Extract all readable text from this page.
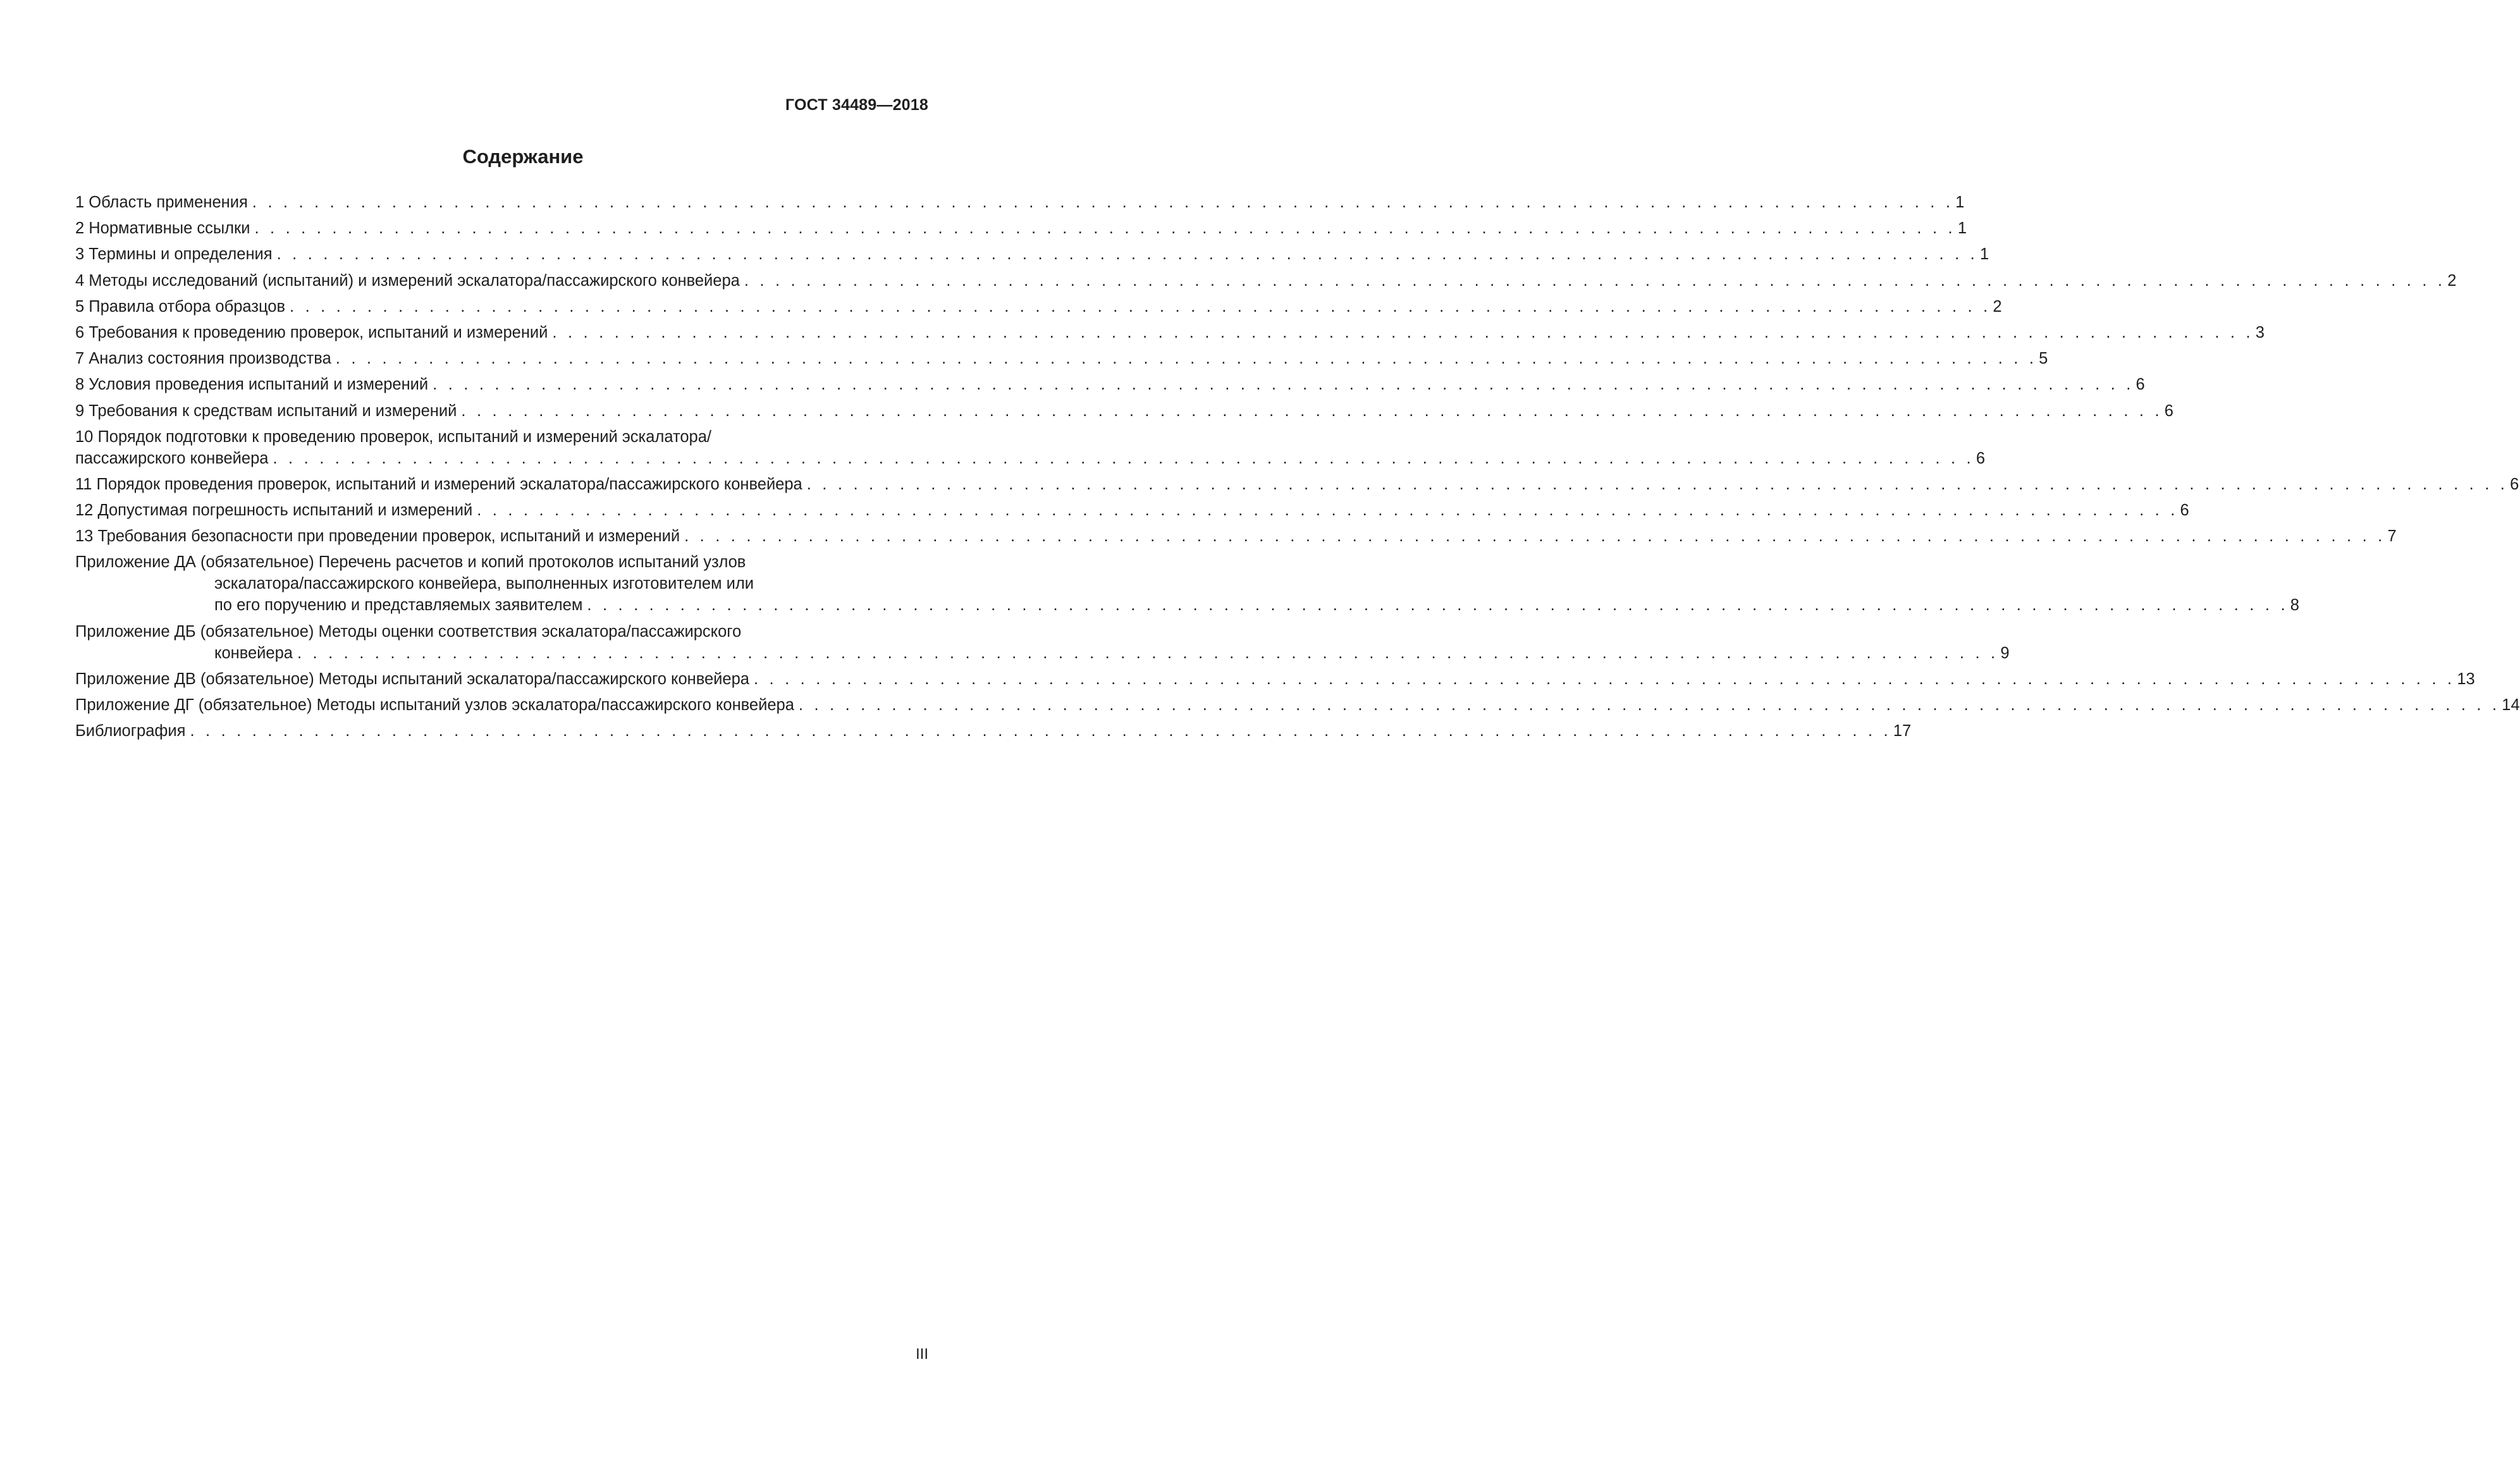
ГОСТ 34489—2018
Содержание
1 Область применения . . . . . . . . . . . . . . . . . . . . . . . . . . . . . . . . . . . . . . . . . . . . . . . . . . . . . . . . . . . . . . . . . . . . . . . . . . . . . . . . . . . . . . . . . . . . . . . . . . . . . . . . . . . . . . 1
2 Нормативные ссылки . . . . . . . . . . . . . . . . . . . . . . . . . . . . . . . . . . . . . . . . . . . . . . . . . . . . . . . . . . . . . . . . . . . . . . . . . . . . . . . . . . . . . . . . . . . . . . . . . . . . . . . . . . . . . . 1
3 Термины и определения . . . . . . . . . . . . . . . . . . . . . . . . . . . . . . . . . . . . . . . . . . . . . . . . . . . . . . . . . . . . . . . . . . . . . . . . . . . . . . . . . . . . . . . . . . . . . . . . . . . . . . . . . . . . . . 1
4 Методы исследований (испытаний) и измерений эскалатора/пассажирского конвейера . . . . . . . . . . . . . . . . . . . . . . . . . . . . . . . . . . . . . . . . . . . . . . . . . . . . . . . . . . . . . . . . . . . . . . . . . . . . . . . . . . . . . . . . . . . . . . . . . . . . . . . . . . . . . . 2
5 Правила отбора образцов . . . . . . . . . . . . . . . . . . . . . . . . . . . . . . . . . . . . . . . . . . . . . . . . . . . . . . . . . . . . . . . . . . . . . . . . . . . . . . . . . . . . . . . . . . . . . . . . . . . . . . . . . . . . . . 2
6 Требования к проведению проверок, испытаний и измерений . . . . . . . . . . . . . . . . . . . . . . . . . . . . . . . . . . . . . . . . . . . . . . . . . . . . . . . . . . . . . . . . . . . . . . . . . . . . . . . . . . . . . . . . . . . . . . . . . . . . . . . . . . . . . . 3
7 Анализ состояния производства . . . . . . . . . . . . . . . . . . . . . . . . . . . . . . . . . . . . . . . . . . . . . . . . . . . . . . . . . . . . . . . . . . . . . . . . . . . . . . . . . . . . . . . . . . . . . . . . . . . . . . . . . . . . . . 5
8 Условия проведения испытаний и измерений . . . . . . . . . . . . . . . . . . . . . . . . . . . . . . . . . . . . . . . . . . . . . . . . . . . . . . . . . . . . . . . . . . . . . . . . . . . . . . . . . . . . . . . . . . . . . . . . . . . . . . . . . . . . . . 6
9 Требования к средствам испытаний и измерений . . . . . . . . . . . . . . . . . . . . . . . . . . . . . . . . . . . . . . . . . . . . . . . . . . . . . . . . . . . . . . . . . . . . . . . . . . . . . . . . . . . . . . . . . . . . . . . . . . . . . . . . . . . . . . 6
10 Порядок подготовки к проведению проверок, испытаний и измерений эскалатора/
пассажирского конвейера . . . . . . . . . . . . . . . . . . . . . . . . . . . . . . . . . . . . . . . . . . . . . . . . . . . . . . . . . . . . . . . . . . . . . . . . . . . . . . . . . . . . . . . . . . . . . . . . . . . . . . . . . . . . . . 6
11 Порядок проведения проверок, испытаний и измерений эскалатора/пассажирского конвейера . . . . . . . . . . . . . . . . . . . . . . . . . . . . . . . . . . . . . . . . . . . . . . . . . . . . . . . . . . . . . . . . . . . . . . . . . . . . . . . . . . . . . . . . . . . . . . . . . . . . . . . . . . . . . . 6
12 Допустимая погрешность испытаний и измерений . . . . . . . . . . . . . . . . . . . . . . . . . . . . . . . . . . . . . . . . . . . . . . . . . . . . . . . . . . . . . . . . . . . . . . . . . . . . . . . . . . . . . . . . . . . . . . . . . . . . . . . . . . . . . . 6
13 Требования безопасности при проведении проверок, испытаний и измерений . . . . . . . . . . . . . . . . . . . . . . . . . . . . . . . . . . . . . . . . . . . . . . . . . . . . . . . . . . . . . . . . . . . . . . . . . . . . . . . . . . . . . . . . . . . . . . . . . . . . . . . . . . . . . . 7
Приложение ДА (обязательное) Перечень расчетов и копий протоколов испытаний узлов
эскалатора/пассажирского конвейера, выполненных изготовителем или
по его поручению и представляемых заявителем . . . . . . . . . . . . . . . . . . . . . . . . . . . . . . . . . . . . . . . . . . . . . . . . . . . . . . . . . . . . . . . . . . . . . . . . . . . . . . . . . . . . . . . . . . . . . . . . . . . . . . . . . . . . . . 8
Приложение ДБ (обязательное) Методы оценки соответствия эскалатора/пассажирского
конвейера . . . . . . . . . . . . . . . . . . . . . . . . . . . . . . . . . . . . . . . . . . . . . . . . . . . . . . . . . . . . . . . . . . . . . . . . . . . . . . . . . . . . . . . . . . . . . . . . . . . . . . . . . . . . . . 9
Приложение ДВ (обязательное) Методы испытаний эскалатора/пассажирского конвейера . . . . . . . . . . . . . . . . . . . . . . . . . . . . . . . . . . . . . . . . . . . . . . . . . . . . . . . . . . . . . . . . . . . . . . . . . . . . . . . . . . . . . . . . . . . . . . . . . . . . . . . . . . . . . . 13
Приложение ДГ (обязательное) Методы испытаний узлов эскалатора/пассажирского конвейера . . . . . . . . . . . . . . . . . . . . . . . . . . . . . . . . . . . . . . . . . . . . . . . . . . . . . . . . . . . . . . . . . . . . . . . . . . . . . . . . . . . . . . . . . . . . . . . . . . . . . . . . . . . . . . 14
Библиография . . . . . . . . . . . . . . . . . . . . . . . . . . . . . . . . . . . . . . . . . . . . . . . . . . . . . . . . . . . . . . . . . . . . . . . . . . . . . . . . . . . . . . . . . . . . . . . . . . . . . . . . . . . . . . 17
III
